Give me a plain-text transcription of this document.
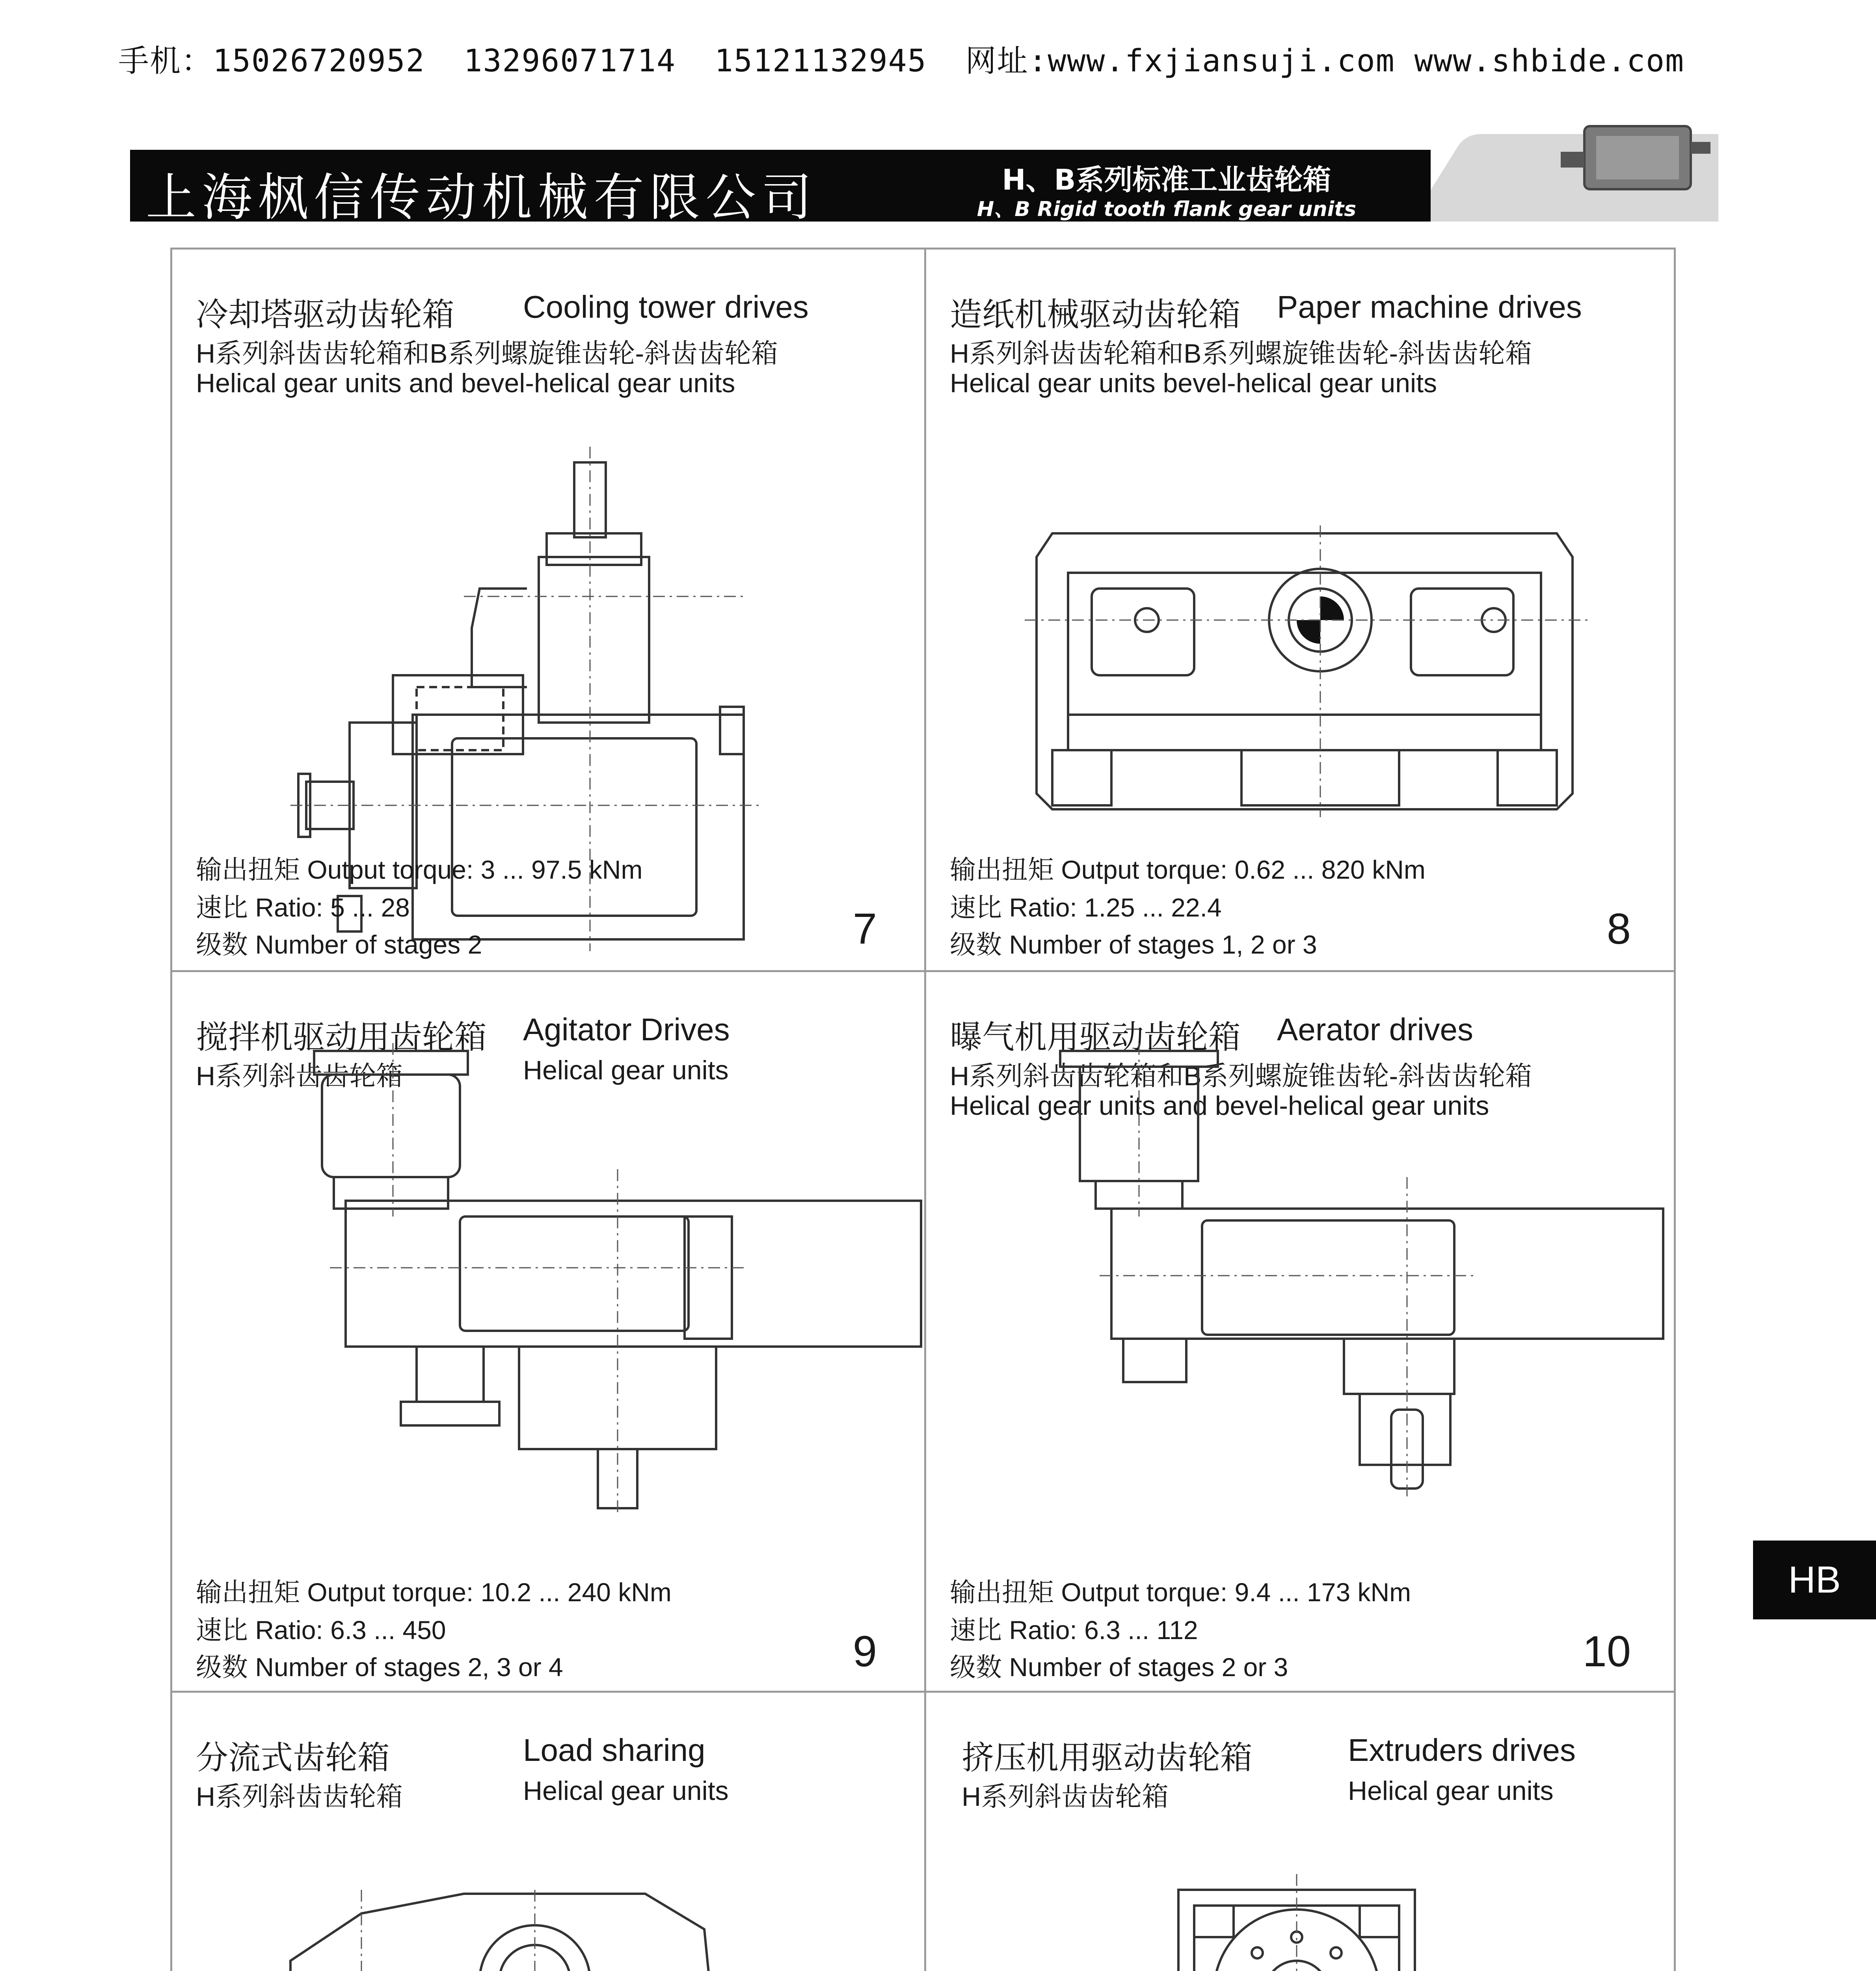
手机：15026720952  13296071714  15121132945  网址:www.fxjiansuji.com www.shbide.com
上海枫信传动机械有限公司	H、B系列标准工业齿轮箱
H、B Rigid tooth flank gear units
冷却塔驱动齿轮箱 Cooling tower drives
H系列斜齿齿轮箱和B系列螺旋锥齿轮-斜齿齿轮箱
Helical gear units and bevel-helical gear units
输出扭矩 Output torque: 3 ... 97.5 kNm
速比 Ratio: 5 ... 28
级数 Number of stages 2	7
造纸机械驱动齿轮箱 Paper machine drives
H系列斜齿齿轮箱和B系列螺旋锥齿轮-斜齿齿轮箱
Helical gear units bevel-helical gear units
输出扭矩 Output torque: 0.62 ... 820 kNm
速比 Ratio: 1.25 ... 22.4
级数 Number of stages 1, 2 or 3	8
搅拌机驱动用齿轮箱 Agitator Drives
H系列斜齿齿轮箱	Helical gear units
输出扭矩 Output torque: 10.2 ... 240 kNm
速比 Ratio: 6.3 ... 450
级数 Number of stages 2, 3 or 4	9
曝气机用驱动齿轮箱 Aerator drives
H系列斜齿齿轮箱和B系列螺旋锥齿轮-斜齿齿轮箱
Helical gear units and bevel-helical gear units
输出扭矩 Output torque: 9.4 ... 173 kNm
速比 Ratio: 6.3 ... 112
级数 Number of stages 2 or 3	10
分流式齿轮箱	Load sharing
H系列斜齿齿轮箱	Helical gear units
挤压机用驱动齿轮箱	Extruders drives
H系列斜齿齿轮箱	Helical gear units
HB
